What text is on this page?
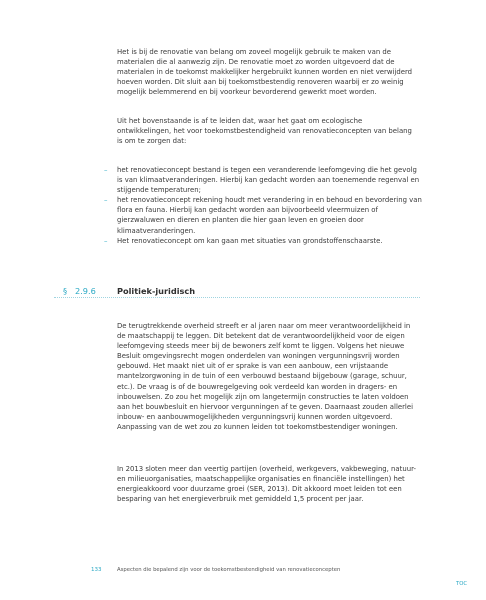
Het is bij de renovatie van belang om zoveel mogelijk gebruik te maken van de materialen die al aanwezig zijn. De renovatie moet zo worden uitgevoerd dat de materialen in de toekomst makkelijker hergebruikt kunnen worden en niet verwijderd hoeven worden. Dit sluit aan bij toekomstbestendig renoveren waarbij er zo weinig mogelijk belemmerend en bij voorkeur bevorderend gewerkt moet worden.

Uit het bovenstaande is af te leiden dat, waar het gaat om ecologische ontwikkelingen, het voor toekomstbestendigheid van renovatieconcepten van belang is om te zorgen dat:

– het renovatieconcept bestand is tegen een veranderende leefomgeving die het gevolg is van klimaatveranderingen. Hierbij kan gedacht worden aan toenemende regenval en stijgende temperaturen;
– het renovatieconcept rekening houdt met verandering in en behoud en bevordering van flora en fauna. Hierbij kan gedacht worden aan bijvoorbeeld vleermuizen of gierzwaluwen en dieren en planten die hier gaan leven en groeien door klimaatveranderingen.
– Het renovatieconcept om kan gaan met situaties van grondstoffenschaarste.
§ 2.9.6	Politiek-juridisch

De terugtrekkende overheid streeft er al jaren naar om meer verantwoordelijkheid in de maatschappij te leggen. Dit betekent dat de verantwoordelijkheid voor de eigen leefomgeving steeds meer bij de bewoners zelf komt te liggen. Volgens het nieuwe Besluit omgevingsrecht mogen onderdelen van woningen vergunningsvrij worden gebouwd. Het maakt niet uit of er sprake is van een aanbouw, een vrijstaande mantelzorgwoning in de tuin of een verbouwd bestaand bijgebouw (garage, schuur, etc.). De vraag is of de bouwregelgeving ook verdeeld kan worden in dragers- en inbouwelsen. Zo zou het mogelijk zijn om langetermijn constructies te laten voldoen aan het bouwbesluit en hiervoor vergunningen af te geven. Daarnaast zouden allerlei inbouw- en aanbouwmogelijkheden vergunningsvrij kunnen worden uitgevoerd. Aanpassing van de wet zou zo kunnen leiden tot toekomstbestendiger woningen.

In 2013 sloten meer dan veertig partijen (overheid, werkgevers, vakbeweging, natuur- en milieuorganisaties, maatschappelijke organisaties en financiële instellingen) het energieakkoord voor duurzame groei (SER, 2013). Dit akkoord moet leiden tot een besparing van het energieverbruik met gemiddeld 1,5 procent per jaar.

133	Aspecten die bepalend zijn voor de toekomstbestendigheid van renovatieconcepten
TOC
